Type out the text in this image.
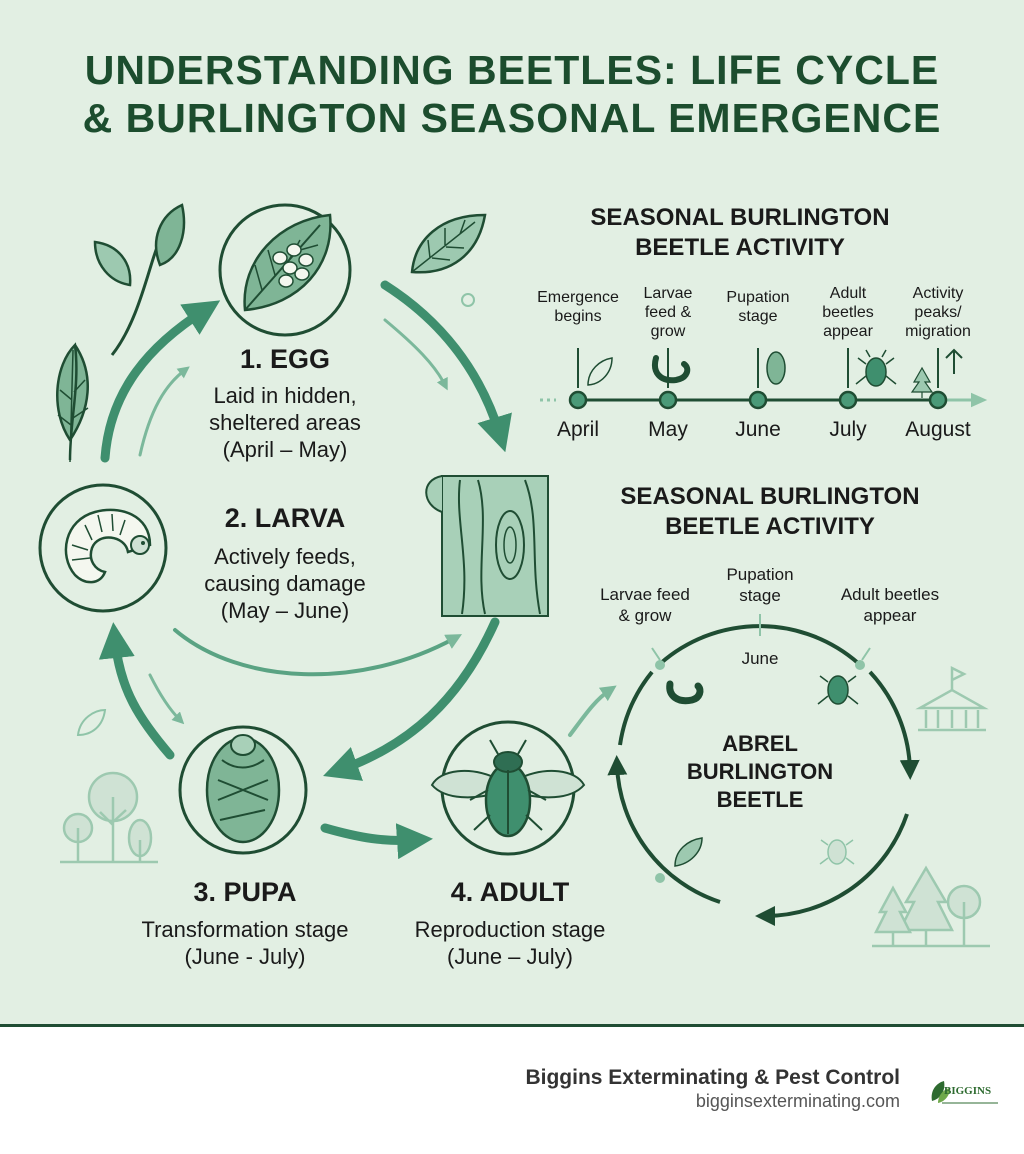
UNDERSTANDING BEETLES: LIFE CYCLE
& BURLINGTON SEASONAL EMERGENCE
1. EGG
Laid in hidden,
sheltered areas
(April – May)
2. LARVA
Actively feeds,
causing damage
(May – June)
3. PUPA
Transformation stage
(June - July)
4. ADULT
Reproduction stage
(June – July)
SEASONAL BURLINGTON
BEETLE ACTIVITY
Emergence
begins
Larvae
feed &
grow
Pupation
stage
Adult
beetles
appear
Activity
peaks/
migration
April	May	June	July	August
SEASONAL BURLINGTON
BEETLE ACTIVITY
Larvae feed
& grow
Pupation
stage	Adult beetles
appear
June
ABREL
BURLINGTON
BEETLE
Biggins Exterminating & Pest Control
bigginsexterminating.com	BIGGINS
